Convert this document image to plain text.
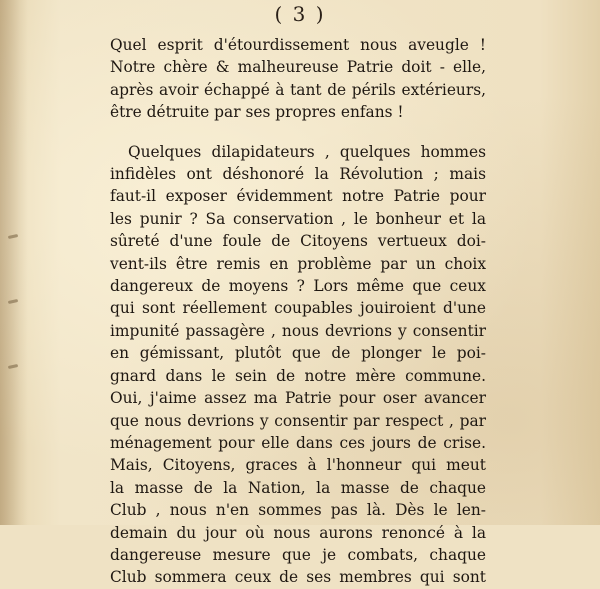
( 3 )

Quel esprit d'étourdissement nous aveugle !
Notre chère & malheureuse Patrie doit - elle,
après avoir échappé à tant de périls extérieurs,
être détruite par ses propres enfans !
Quelques dilapidateurs , quelques hommes
infidèles ont déshonoré la Révolution ; mais
faut-il exposer évidemment notre Patrie pour
les punir ? Sa conservation , le bonheur et la
sûreté d'une foule de Citoyens vertueux doi-
vent-ils être remis en problème par un choix
dangereux de moyens ? Lors même que ceux
qui sont réellement coupables jouiroient d'une
impunité passagère , nous devrions y consentir
en gémissant, plutôt que de plonger le poi-
gnard dans le sein de notre mère commune.
Oui, j'aime assez ma Patrie pour oser avancer
que nous devrions y consentir par respect , par
ménagement pour elle dans ces jours de crise.
Mais, Citoyens, graces à l'honneur qui meut
la masse de la Nation, la masse de chaque
Club , nous n'en sommes pas là. Dès le len-
demain du jour où nous aurons renoncé à la
dangereuse mesure que je combats, chaque
Club sommera ceux de ses membres qui sont
